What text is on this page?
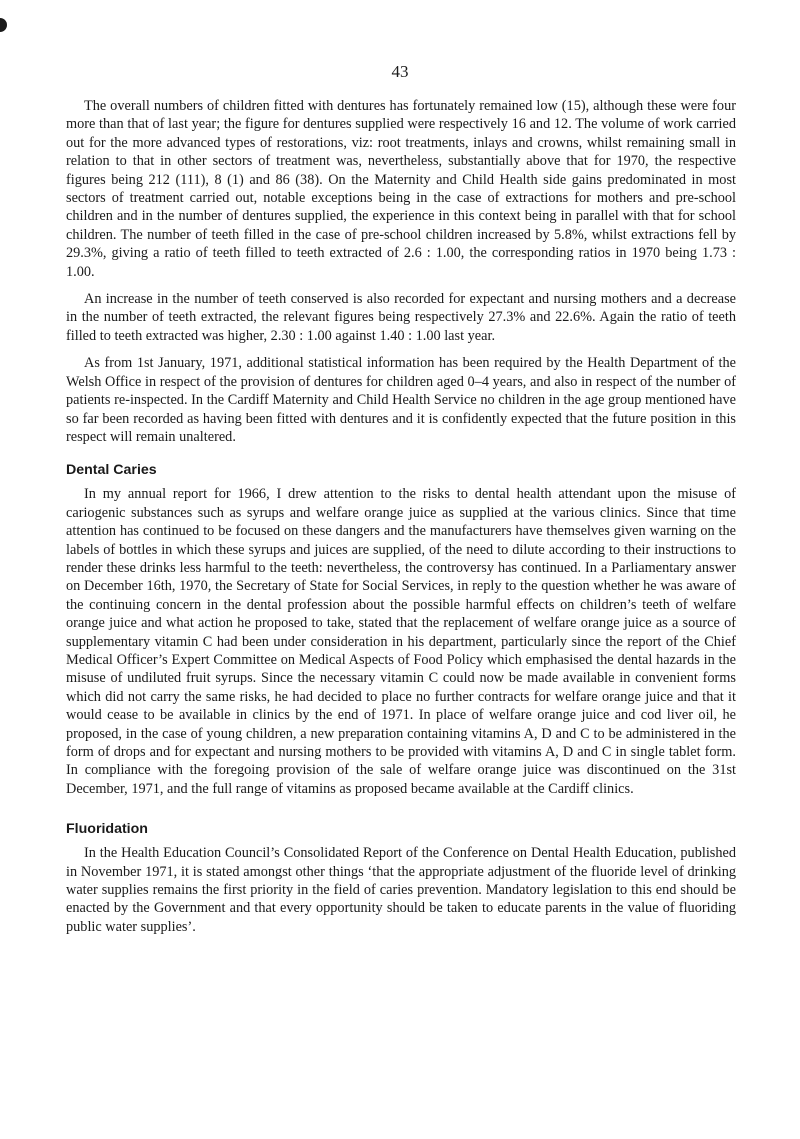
43

The overall numbers of children fitted with dentures has fortunately remained low (15), although these were four more than that of last year; the figure for dentures supplied were respectively 16 and 12. The volume of work carried out for the more advanced types of restorations, viz: root treatments, inlays and crowns, whilst remaining small in relation to that in other sectors of treatment was, nevertheless, substantially above that for 1970, the respective figures being 212 (111), 8 (1) and 86 (38). On the Maternity and Child Health side gains predominated in most sectors of treatment carried out, notable exceptions being in the case of extractions for mothers and pre-school children and in the number of dentures supplied, the experience in this context being in parallel with that for school children. The number of teeth filled in the case of pre-school children increased by 5.8%, whilst extractions fell by 29.3%, giving a ratio of teeth filled to teeth extracted of 2.6 : 1.00, the corresponding ratios in 1970 being 1.73 : 1.00.

An increase in the number of teeth conserved is also recorded for expectant and nursing mothers and a decrease in the number of teeth extracted, the relevant figures being respectively 27.3% and 22.6%. Again the ratio of teeth filled to teeth extracted was higher, 2.30 : 1.00 against 1.40 : 1.00 last year.

As from 1st January, 1971, additional statistical information has been required by the Health Department of the Welsh Office in respect of the provision of dentures for children aged 0–4 years, and also in respect of the number of patients re-inspected. In the Cardiff Maternity and Child Health Service no children in the age group mentioned have so far been recorded as having been fitted with dentures and it is confidently expected that the future position in this respect will remain unaltered.

Dental Caries

In my annual report for 1966, I drew attention to the risks to dental health attendant upon the misuse of cariogenic substances such as syrups and welfare orange juice as supplied at the various clinics. Since that time attention has continued to be focused on these dangers and the manufacturers have themselves given warning on the labels of bottles in which these syrups and juices are supplied, of the need to dilute according to their instructions to render these drinks less harmful to the teeth: nevertheless, the controversy has continued. In a Parliamentary answer on December 16th, 1970, the Secretary of State for Social Services, in reply to the question whether he was aware of the continuing concern in the dental profession about the possible harmful effects on children’s teeth of welfare orange juice and what action he proposed to take, stated that the replacement of welfare orange juice as a source of supplementary vitamin C had been under consideration in his department, particularly since the report of the Chief Medical Officer’s Expert Committee on Medical Aspects of Food Policy which emphasised the dental hazards in the misuse of undiluted fruit syrups. Since the necessary vitamin C could now be made available in convenient forms which did not carry the same risks, he had decided to place no further contracts for welfare orange juice and that it would cease to be available in clinics by the end of 1971. In place of welfare orange juice and cod liver oil, he proposed, in the case of young children, a new preparation containing vitamins A, D and C to be administered in the form of drops and for expectant and nursing mothers to be provided with vitamins A, D and C in single tablet form. In compliance with the foregoing provision of the sale of welfare orange juice was discontinued on the 31st December, 1971, and the full range of vitamins as proposed became available at the Cardiff clinics.

Fluoridation

In the Health Education Council’s Consolidated Report of the Conference on Dental Health Education, published in November 1971, it is stated amongst other things ‘that the appropriate adjustment of the fluoride level of drinking water supplies remains the first priority in the field of caries prevention. Mandatory legislation to this end should be enacted by the Government and that every opportunity should be taken to educate parents in the value of fluoriding public water supplies’.
